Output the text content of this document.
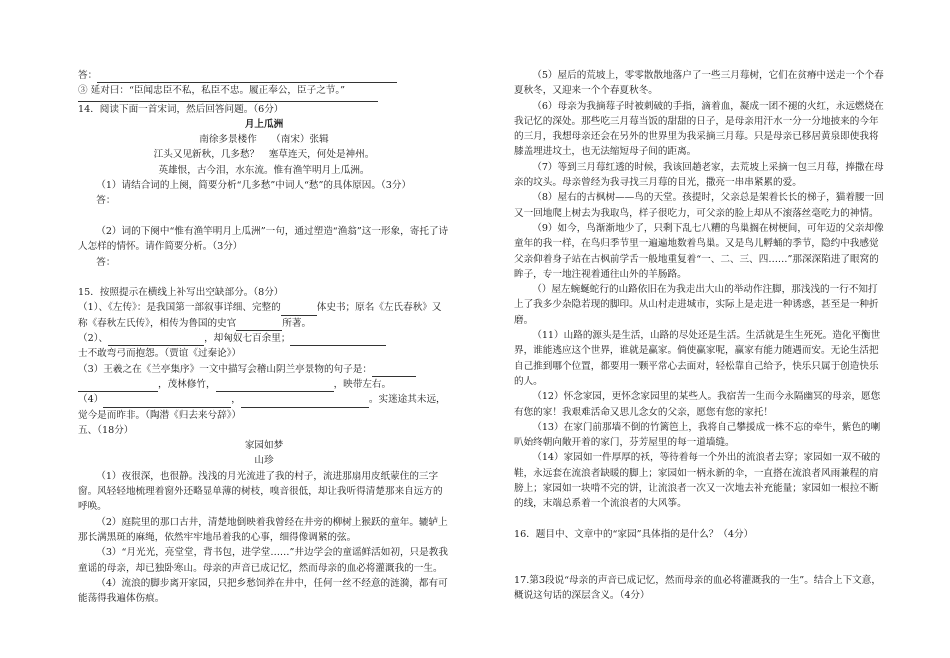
答：

③ 延对曰：“臣闻忠臣不私，私臣不忠。履正奉公，臣子之节。”

14．阅读下面一首宋词，然后回答问题。（6分）

月上瓜洲

南徐多景楼作　　（南宋）张辑

江头又见新秋，几多愁？　塞草连天，何处是神州。

英雄恨，古今泪，水东流。惟有渔竿明月上瓜洲。

（1）请结合词的上阕，简要分析“几多愁”中词人“愁”的具体原因。（3分）

答：

（2）词的下阕中“惟有渔竿明月上瓜洲”一句，通过塑造“渔翁”这一形象，寄托了诗人怎样的情怀。请作简要分析。（3分）

答：

15．按照提示在横线上补写出空缺部分。（8分）

（1）、《左传》：是我国第一部叙事详细、完整的	体史书；原名《左氏春秋》又称《春秋左氏传》，相传为鲁国的史官	所著。

（2）、	，却匈奴七百余里；
士不敢弯弓而抱怨。（贾谊《过秦论》）

（3）王羲之在《兰亭集序》一文中描写会稽山阴兰亭景物的句子是：
，茂林修竹，	，映带左右。

（4）	，	。实迷途其未远，觉今是而昨非。（陶潜《归去来兮辞》）

五、（18分）

家园如梦

山珍

（1）夜很深，也很静。浅浅的月光流进了我的村子，流进那扇用皮纸蒙住的三字窗。风轻轻地梳理着窗外还略显单薄的树枝，嗅音很低，却让我听得清楚那来自远方的呼唤。

（2）庭院里的那口古井，清楚地倒映着我曾经在井旁的柳树上猴跃的童年。辘轳上那长满黑斑的麻绳，依然牢牢地吊着我的心事，细得像调紧的弦。

（3）“月光光，亮堂堂，背书包，进学堂……”井边学会的童谣鲜活如初，只是教我童谣的母亲，却已独卧寒山。母亲的声音已成记忆，然而母亲的血必将灌溉我的一生。

（4）流浪的脚步离开家园，只把乡愁饲养在井中，任何一丝不经意的涟漪，都有可能荡得我遍体伤痕。

（5）屋后的荒坡上，零零散散地落户了一些三月莓树，它们在贫瘠中送走一个个春夏秋冬，又迎来一个个春夏秋冬。

（6）母亲为我摘莓子时被刺破的手指，滴着血，凝成一团不褪的火红，永远燃烧在我记忆的深处。那些吃三月莓当饭的甜甜的日子，是母亲用汗水一分一分地披来的今年的三月，我想母亲还会在另外的世界里为我采摘三月莓。只是母亲已移居黄泉即使我将膝盖埋进坟土，也无法缩短母子间的距离。

（7）等到三月莓红透的时候，我该回趟老家，去荒坡上采摘一包三月莓，捧撒在母亲的坟头。母亲曾经为我寻找三月莓的目光，撒亮一串串紧累的爱。

（8）屋右的古枫树——鸟的天堂。孩提时，父亲总是架着长长的梯子，猫着腰一回又一回地爬上树去为我取鸟，样子很吃力，可父亲的脸上却从不滚落丝毫吃力的神情。

（9）如今，鸟渐渐地少了，只剩下乱七八糟的鸟巢搁在树梗间，可年迈的父亲却像童年的我一样，在鸟归季节里一遍遍地数着鸟巢。又是鸟儿孵蛹的季节，隐约中我感觉父亲仰着身子站在古枫前学舌一般地重复着“一、二、三、四……”那深深陷进了眼窝的眸子，专一地注视着通往山外的羊肠路。

（）屋左蜿蜒蛇行的山路依旧在为我走出大山的举动作注脚，那浅浅的一行不知打上了我多少杂隐若现的脚印。从山村走进城市，实际上是走进一种诱惑，甚至是一种折磨。

（11）山路的源头是生活，山路的尽处还是生活。生活就是生生死死。造化平衡世界，谁能逃应这个世界，谁就是赢家。倘使赢家呢，赢家有能力随遇而安。无论生活把自己推到哪个位置，都要用一颗平常心去面对，轻松靠自己给予，快乐只属于创造快乐的人。

（12）怀念家园，更怀念家园里的某些人。我宿苦一生而今永隔幽冥的母亲，愿您有您的家！我艰难活命又思儿念女的父亲，愿您有您的家托！

（13）在家门前那墙不倒的竹篱笆上，我将自己攀援成一株不忘的牵牛，紫色的喇叭始终朝向敞开着的家门，芬芳屋里的每一道墙缝。

（14）家园如一件厚厚的袄，等待着每一个外出的流浪者去穿；家园如一双不破的鞋，永远套在流浪者缺暖的脚上；家园如一柄永新的伞，一直搭在流浪者风雨兼程的肩膀上；家园如一块啃不完的饼，让流浪者一次又一次地去补充能量；家园如一根拉不断的线，末端总系着一个流浪者的大风筝。

16．题目中、文章中的“家园”具体指的是什么？（4分）

17.第3段说“母亲的声音已成记忆，然而母亲的血必将灌溉我的一生”。结合上下文意，概说这句话的深层含义。（4分）
